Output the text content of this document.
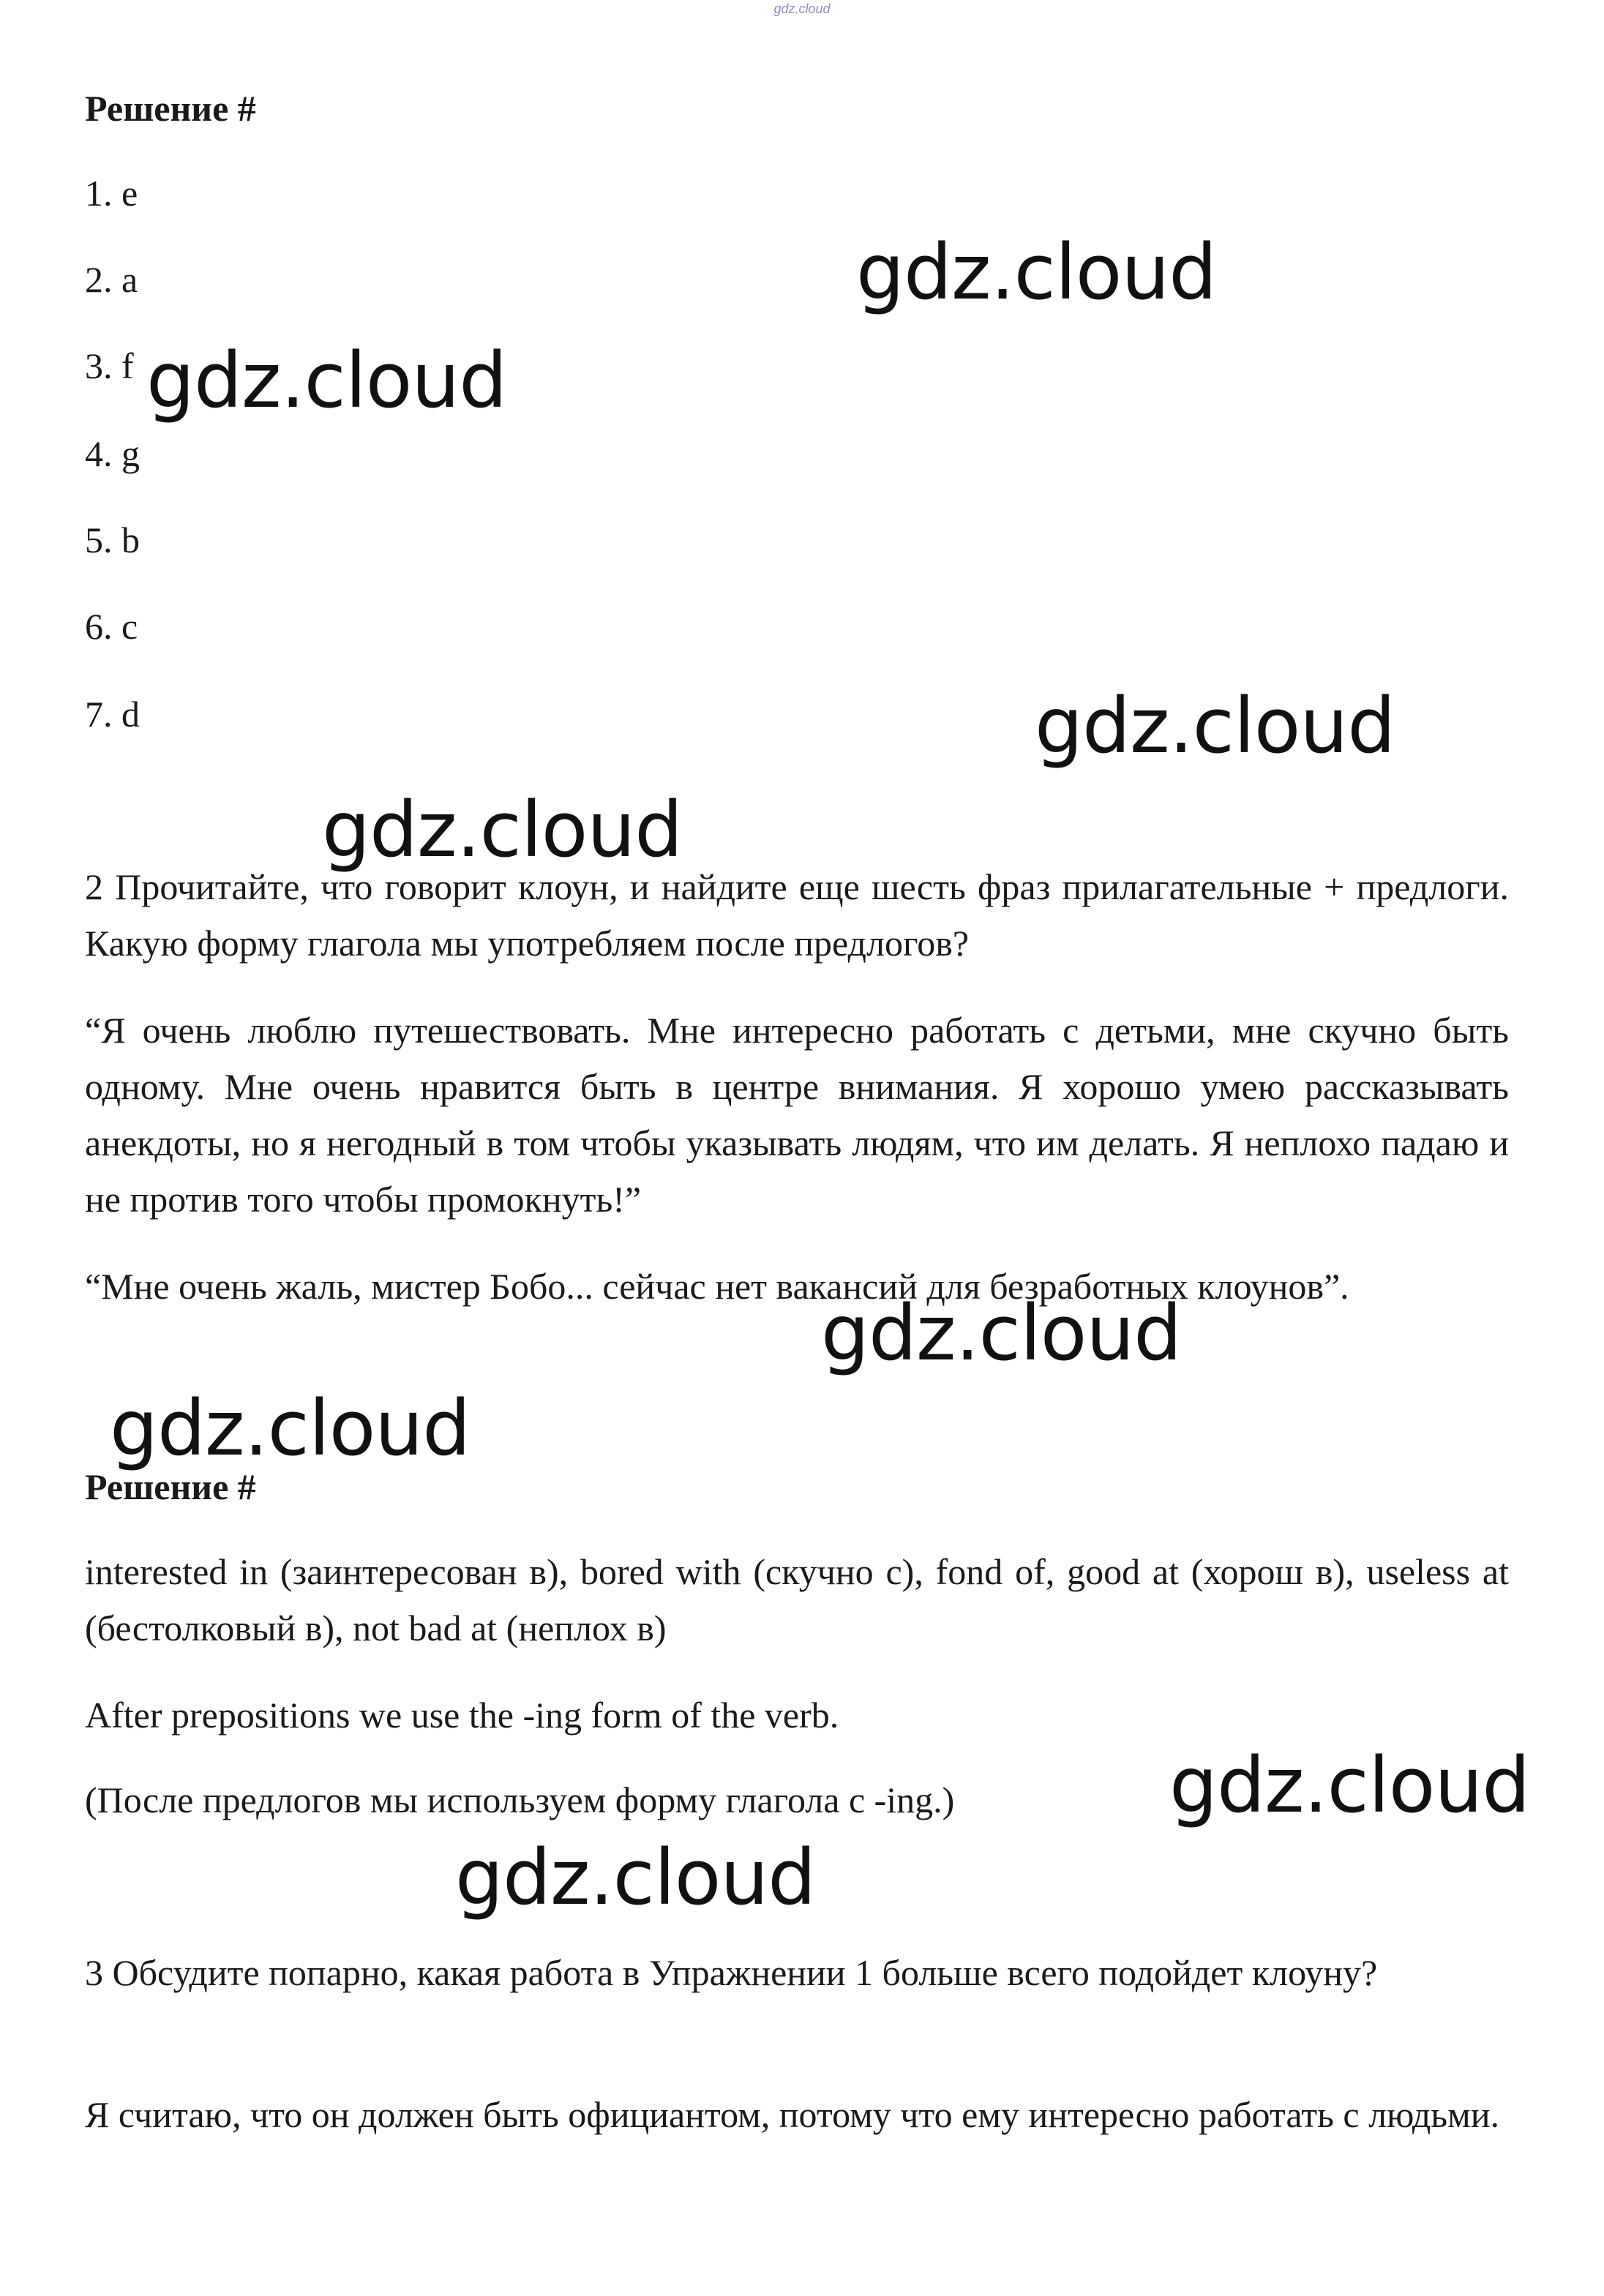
gdz.cloud
Решение #
1. e
2. a
3. f
4. g
5. b
6. c
7. d
2 Прочитайте, что говорит клоун, и найдите еще шесть фраз прилагательные + предлоги. Какую форму глагола мы употребляем после предлогов?
“Я очень люблю путешествовать. Мне интересно работать с детьми, мне скучно быть одному. Мне очень нравится быть в центре внимания. Я хорошо умею рассказывать анекдоты, но я негодный в том чтобы указывать людям, что им делать. Я неплохо падаю и не против того чтобы промокнуть!”
“Мне очень жаль, мистер Бобо... сейчас нет вакансий для безработных клоунов”.
Решение #
interested in (заинтересован в), bored with (скучно с), fond of, good at (хорош в), useless at (бестолковый в), not bad at (неплох в)
After prepositions we use the -ing form of the verb.
(После предлогов мы используем форму глагола с -ing.)
3 Обсудите попарно, какая работа в Упражнении 1 больше всего подойдет клоуну?
Я считаю, что он должен быть официантом, потому что ему интересно работать с людьми.
gdz.cloud
gdz.cloud
gdz.cloud
gdz.cloud
gdz.cloud
gdz.cloud
gdz.cloud
gdz.cloud
